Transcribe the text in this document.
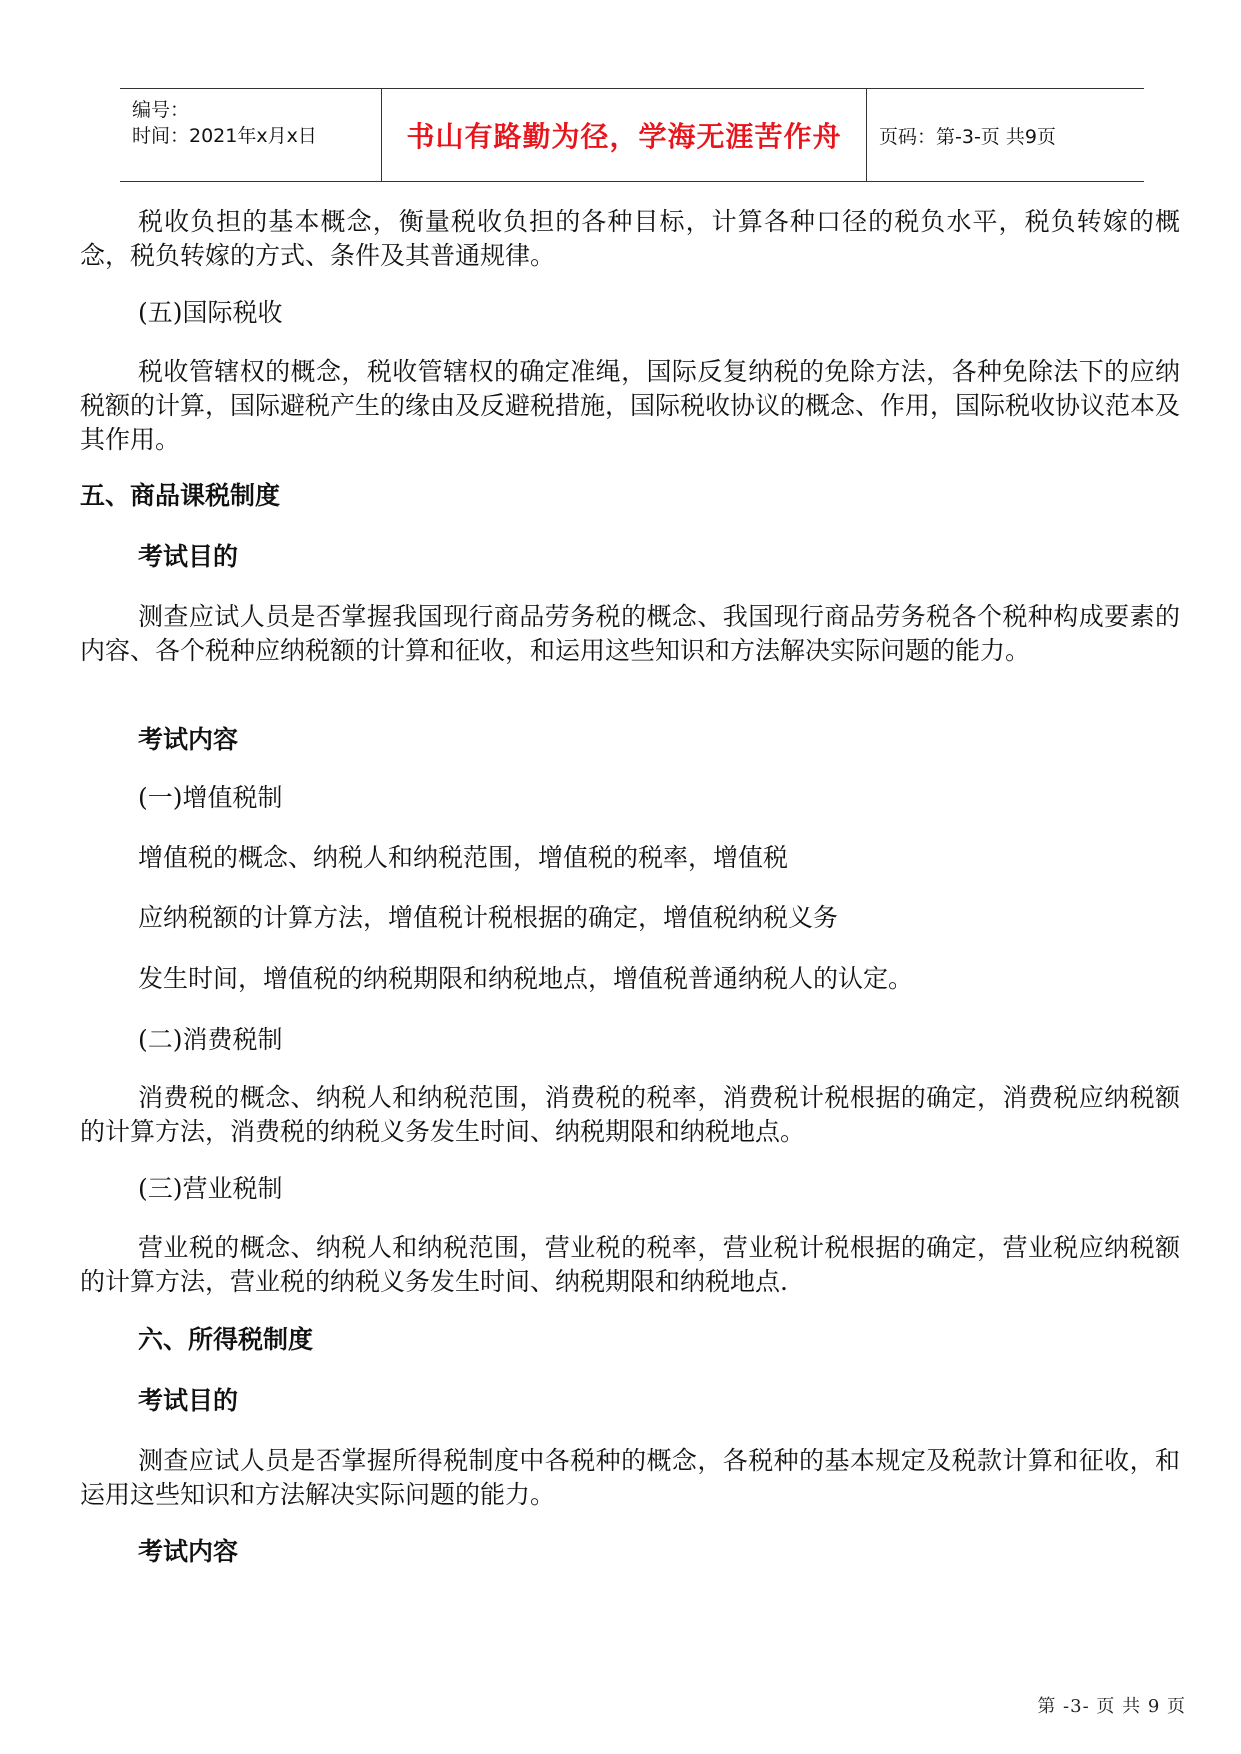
编号：
时间：2021年x月x日	书山有路勤为径，学海无涯苦作舟 页码：第-3-页 共9页

税收负担的基本概念，衡量税收负担的各种目标，计算各种口径的税负水平，税负转嫁的概念，税负转嫁的方式、条件及其普通规律。

(五)国际税收

税收管辖权的概念，税收管辖权的确定准绳，国际反复纳税的免除方法，各种免除法下的应纳税额的计算，国际避税产生的缘由及反避税措施，国际税收协议的概念、作用，国际税收协议范本及其作用。

五、商品课税制度

考试目的

测查应试人员是否掌握我国现行商品劳务税的概念、我国现行商品劳务税各个税种构成要素的内容、各个税种应纳税额的计算和征收，和运用这些知识和方法解决实际问题的能力。

考试内容

(一)增值税制

增值税的概念、纳税人和纳税范围，增值税的税率，增值税

应纳税额的计算方法，增值税计税根据的确定，增值税纳税义务

发生时间，增值税的纳税期限和纳税地点，增值税普通纳税人的认定。

(二)消费税制

消费税的概念、纳税人和纳税范围，消费税的税率，消费税计税根据的确定，消费税应纳税额的计算方法，消费税的纳税义务发生时间、纳税期限和纳税地点。

(三)营业税制

营业税的概念、纳税人和纳税范围，营业税的税率，营业税计税根据的确定，营业税应纳税额的计算方法，营业税的纳税义务发生时间、纳税期限和纳税地点.

六、所得税制度

考试目的

测查应试人员是否掌握所得税制度中各税种的概念，各税种的基本规定及税款计算和征收，和运用这些知识和方法解决实际问题的能力。

考试内容

第 -3- 页 共 9 页
